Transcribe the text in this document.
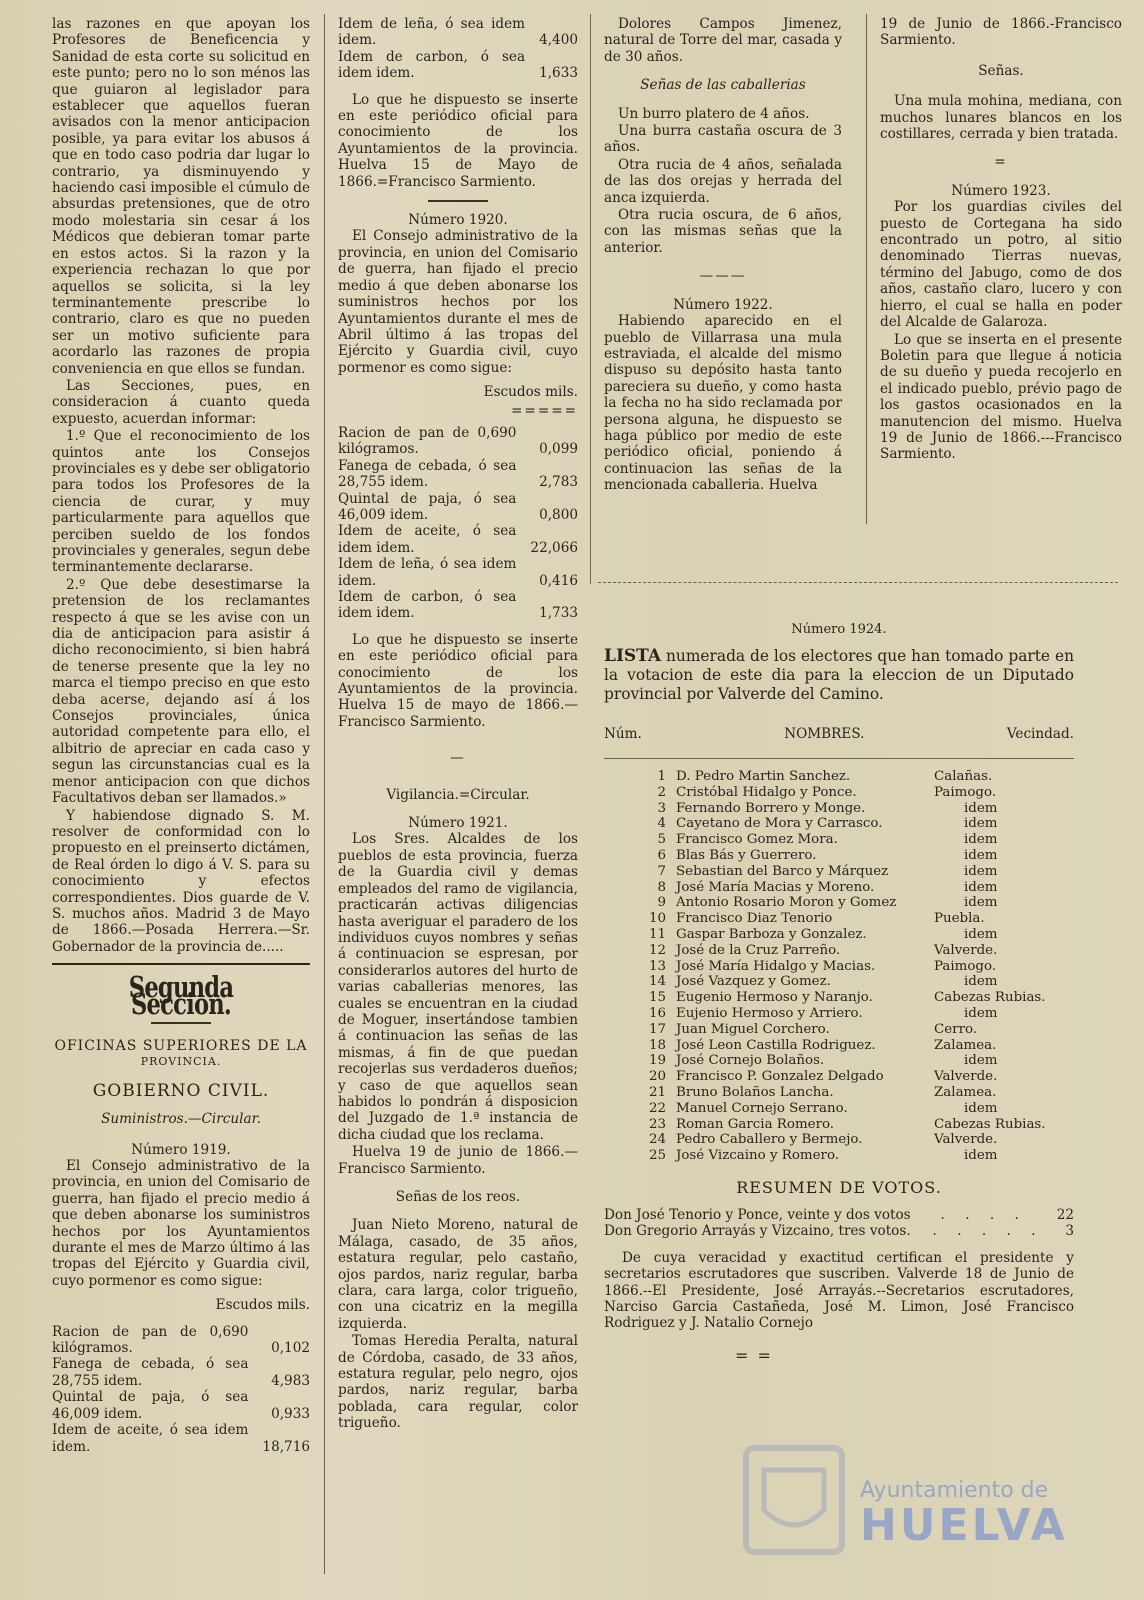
las razones en que apoyan los Profesores de Beneficencia y Sanidad de esta corte su solicitud en este punto; pero no lo son ménos las que guiaron al legislador para establecer que aquellos fueran avisados con la menor anticipacion posible, ya para evitar los abusos á que en todo caso podria dar lugar lo contrario, ya disminuyendo y haciendo casi imposible el cúmulo de absurdas pretensiones, que de otro modo molestaria sin cesar á los Médicos que debieran tomar parte en estos actos. Si la razon y la experiencia rechazan lo que por aquellos se solicita, si la ley terminantemente prescribe lo contrario, claro es que no pueden ser un motivo suficiente para acordarlo las razones de propia conveniencia en que ellos se fundan.

Las Secciones, pues, en consideracion á cuanto queda expuesto, acuerdan informar:

1.º Que el reconocimiento de los quintos ante los Consejos provinciales es y debe ser obligatorio para todos los Profesores de la ciencia de curar, y muy particularmente para aquellos que perciben sueldo de los fondos provinciales y generales, segun debe terminantemente declararse.

2.º Que debe desestimarse la pretension de los reclamantes respecto á que se les avise con un dia de anticipacion para asistir á dicho reconocimiento, si bien habrá de tenerse presente que la ley no marca el tiempo preciso en que esto deba acerse, dejando así á los Consejos provinciales, única autoridad competente para ello, el albitrio de apreciar en cada caso y segun las circunstancias cual es la menor anticipacion con que dichos Facultativos deban ser llamados.»

Y habiendose dignado S. M. resolver de conformidad con lo propuesto en el preinserto dictámen, de Real órden lo digo á V. S. para su conocimiento y efectos correspondientes. Dios guarde de V. S. muchos años. Madrid 3 de Mayo de 1866.—Posada Herrera.—Sr. Gobernador de la provincia de.....

Segunda Seccion.
OFICINAS SUPERIORES DE LA
PROVINCIA.
GOBIERNO CIVIL.
Suministros.—Circular.
Número 1919.

El Consejo administrativo de la provincia, en union del Comisario de guerra, han fijado el precio medio á que deben abonarse los suministros hechos por los Ayuntamientos durante el mes de Marzo último á las tropas del Ejército y Guardia civil, cuyo pormenor es como sigue:

Escudos mils.
Racion de pan de 0,690 kilógramos.	0,102
Fanega de cebada, ó sea 28,755 idem.	4,983
Quintal de paja, ó sea 46,009 idem.	0,933
Idem de aceite, ó sea idem idem.	18,716
Idem de leña, ó sea idem idem.	4,400
Idem de carbon, ó sea idem idem.	1,633

Lo que he dispuesto se inserte en este periódico oficial para conocimiento de los Ayuntamientos de la provincia. Huelva 15 de Mayo de 1866.=Francisco Sarmiento.

Número 1920.

El Consejo administrativo de la provincia, en union del Comisario de guerra, han fijado el precio medio á que deben abonarse los suministros hechos por los Ayuntamientos durante el mes de Abril último á las tropas del Ejército y Guardia civil, cuyo pormenor es como sigue:

Escudos mils.
=====
Racion de pan de 0,690 kilógramos.	0,099
Fanega de cebada, ó sea 28,755 idem.	2,783
Quintal de paja, ó sea 46,009 idem.	0,800
Idem de aceite, ó sea idem idem.	22,066
Idem de leña, ó sea idem idem.	0,416
Idem de carbon, ó sea idem idem.	1,733

Lo que he dispuesto se inserte en este periódico oficial para conocimiento de los Ayuntamientos de la provincia. Huelva 15 de mayo de 1866.—Francisco Sarmiento.

—
Vigilancia.=Circular.
Número 1921.

Los Sres. Alcaldes de los pueblos de esta provincia, fuerza de la Guardia civil y demas empleados del ramo de vigilancia, practicarán activas diligencias hasta averiguar el paradero de los individuos cuyos nombres y señas á continuacion se espresan, por considerarlos autores del hurto de varias caballerias menores, las cuales se encuentran en la ciudad de Moguer, insertándose tambien á continuacion las señas de las mismas, á fin de que puedan recojerlas sus verdaderos dueños; y caso de que aquellos sean habidos lo pondrán á disposicion del Juzgado de 1.ª instancia de dicha ciudad que los reclama.

Huelva 19 de junio de 1866.—Francisco Sarmiento.

Señas de los reos.

Juan Nieto Moreno, natural de Málaga, casado, de 35 años, estatura regular, pelo castaño, ojos pardos, nariz regular, barba clara, cara larga, color trigueño, con una cicatriz en la megilla izquierda.

Tomas Heredia Peralta, natural de Córdoba, casado, de 33 años, estatura regular, pelo negro, ojos pardos, nariz regular, barba poblada, cara regular, color trigueño.

Dolores Campos Jimenez, natural de Torre del mar, casada y de 30 años.

Señas de las caballerias

Un burro platero de 4 años.

Una burra castaña oscura de 3 años.

Otra rucia de 4 años, señalada de las dos orejas y herrada del anca izquierda.

Otra rucia oscura, de 6 años, con las mismas señas que la anterior.

———
Número 1922.

Habiendo aparecido en el pueblo de Villarrasa una mula estraviada, el alcalde del mismo dispuso su depósito hasta tanto pareciera su dueño, y como hasta la fecha no ha sido reclamada por persona alguna, he dispuesto se haga público por medio de este periódico oficial, poniendo á continuacion las señas de la mencionada caballeria. Huelva

19 de Junio de 1866.-Francisco Sarmiento.

Señas.

Una mula mohina, mediana, con muchos lunares blancos en los costillares, cerrada y bien tratada.

=
Número 1923.

Por los guardias civiles del puesto de Cortegana ha sido encontrado un potro, al sitio denominado Tierras nuevas, término del Jabugo, como de dos años, castaño claro, lucero y con hierro, el cual se halla en poder del Alcalde de Galaroza.

Lo que se inserta en el presente Boletin para que llegue á noticia de su dueño y pueda recojerlo en el indicado pueblo, prévio pago de los gastos ocasionados en la manutencion del mismo. Huelva 19 de Junio de 1866.---Francisco Sarmiento.

Número 1924.
LISTA numerada de los electores que han tomado parte en la votacion de este dia para la eleccion de un Diputado provincial por Valverde del Camino.
Núm.	NOMBRES.	Vecindad.
1	D. Pedro Martin Sanchez.	Calañas.
2	Cristóbal Hidalgo y Ponce.	Paimogo.
3	Fernando Borrero y Monge.	idem
4	Cayetano de Mora y Carrasco.	idem
5	Francisco Gomez Mora.	idem
6	Blas Bás y Guerrero.	idem
7	Sebastian del Barco y Márquez	idem
8	José María Macias y Moreno.	idem
9	Antonio Rosario Moron y Gomez	idem
10	Francisco Diaz Tenorio	Puebla.
11	Gaspar Barboza y Gonzalez.	idem
12	José de la Cruz Parreño.	Valverde.
13	José María Hidalgo y Macias.	Paimogo.
14	José Vazquez y Gomez.	idem
15	Eugenio Hermoso y Naranjo.	Cabezas Rubias.
16	Eujenio Hermoso y Arriero.	idem
17	Juan Miguel Corchero.	Cerro.
18	José Leon Castilla Rodriguez.	Zalamea.
19	José Cornejo Bolaños.	idem
20	Francisco P. Gonzalez Delgado	Valverde.
21	Bruno Bolaños Lancha.	Zalamea.
22	Manuel Cornejo Serrano.	idem
23	Roman Garcia Romero.	Cabezas Rubias.
24	Pedro Caballero y Bermejo.	Valverde.
25	José Vizcaino y Romero.	idem
RESUMEN DE VOTOS.
Don José Tenorio y Ponce, veinte y dos votos . . . . 22
Don Gregorio Arrayás y Vizcaino, tres votos. . . . . . 3
De cuya veracidad y exactitud certifican el presidente y secretarios escrutadores que suscriben. Valverde 18 de Junio de 1866.--El Presidente, José Arrayás.--Secretarios escrutadores, Narciso Garcia Castañeda, José M. Limon, José Francisco Rodriguez y J. Natalio Cornejo
= =
Ayuntamiento de
HUELVA
